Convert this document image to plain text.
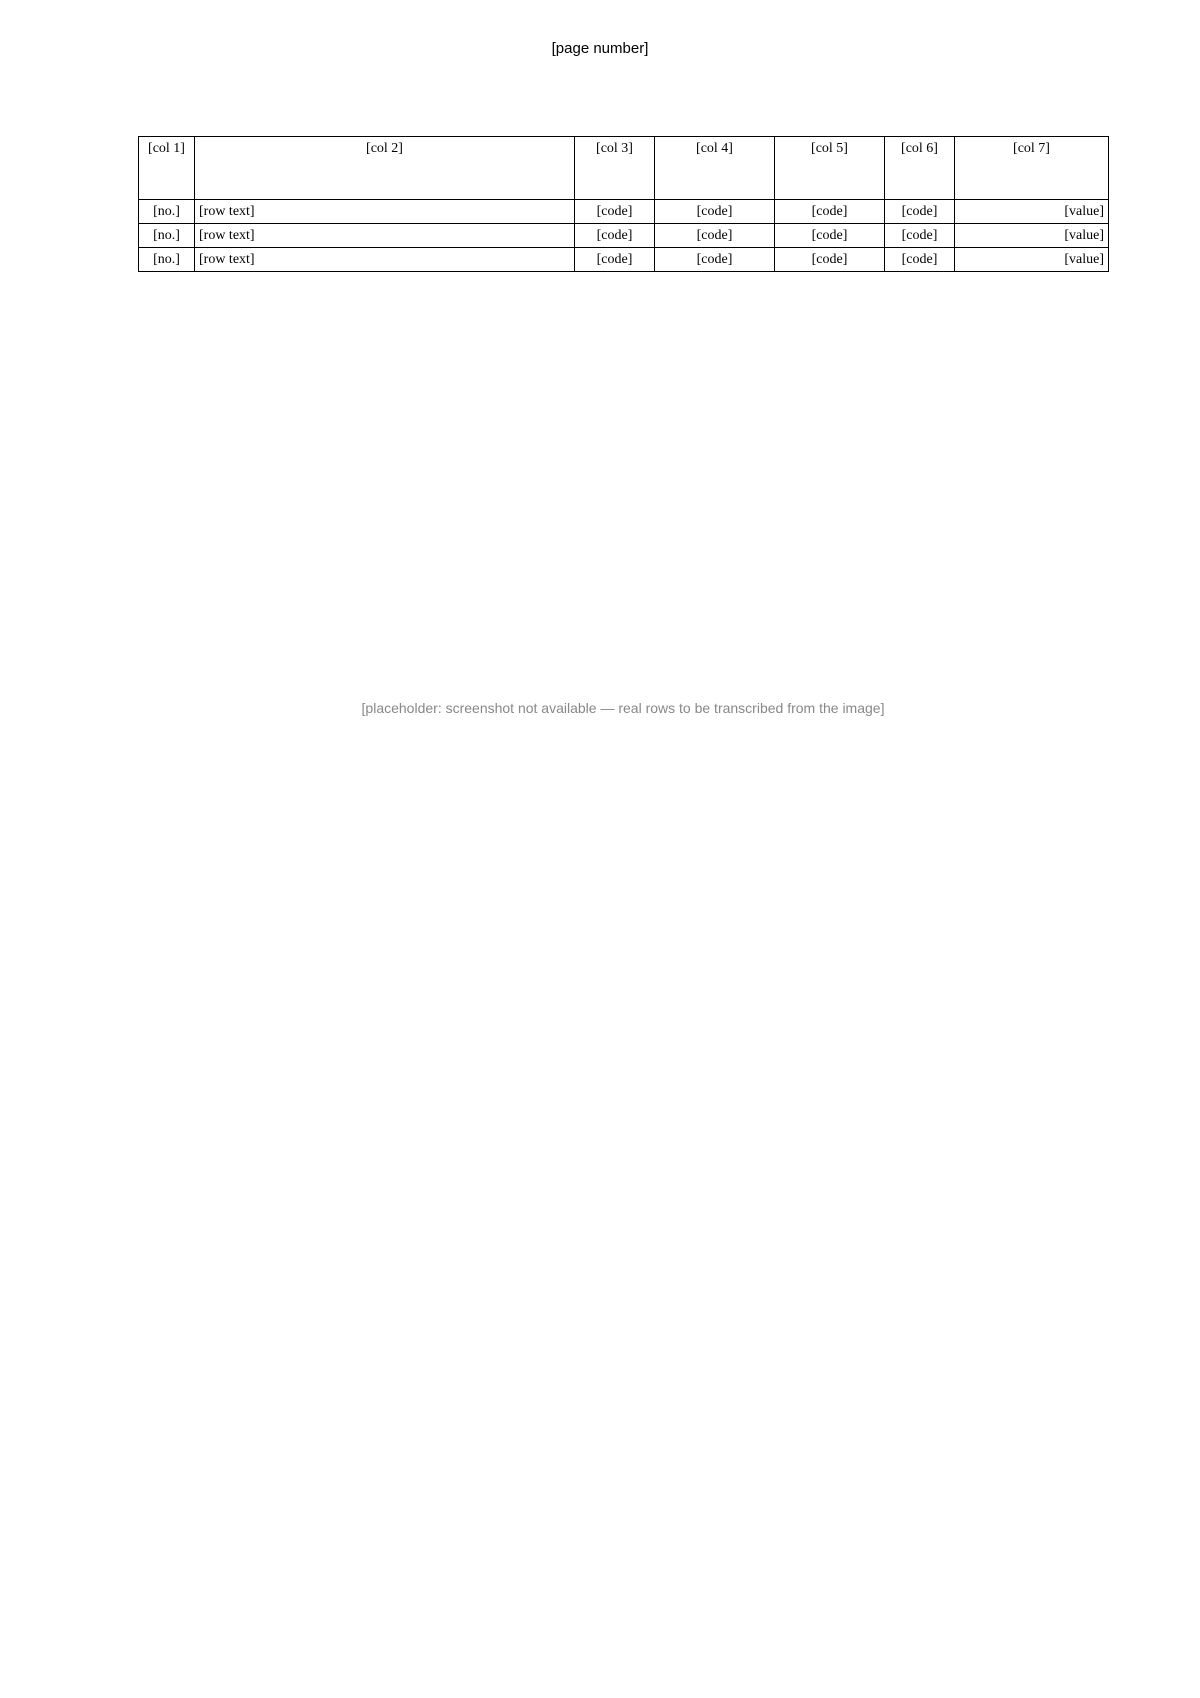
[page number]
[col 1]	[col 2]	[col 3]	[col 4]	[col 5]	[col 6]	[col 7]
[no.]	[row text]	[code]	[code]	[code]	[code]	[value]
[no.]	[row text]	[code]	[code]	[code]	[code]	[value]
[no.]	[row text]	[code]	[code]	[code]	[code]	[value]
[placeholder: screenshot not available — real rows to be transcribed from the image]
